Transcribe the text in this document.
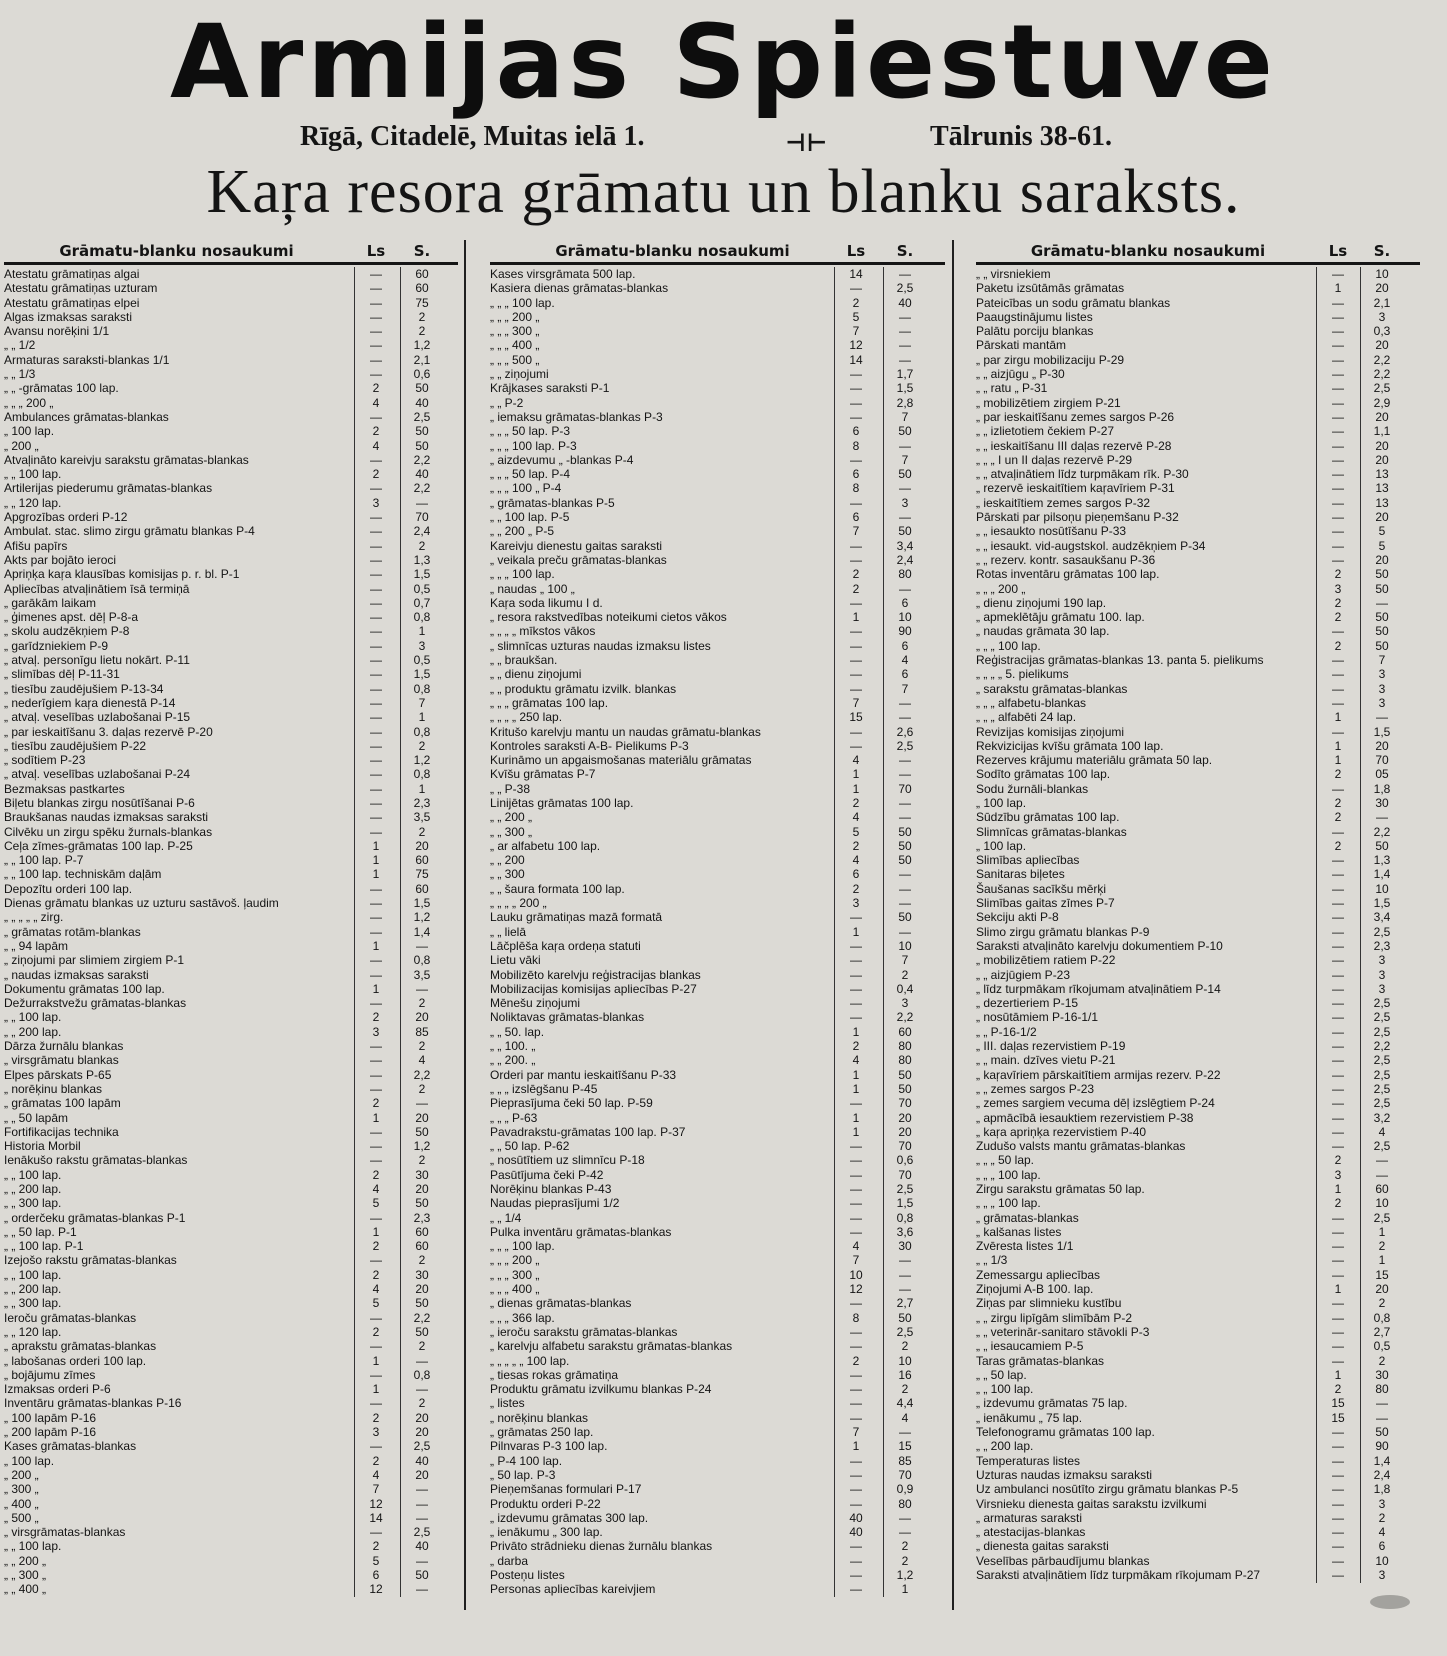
Armijas Spiestuve
Rīgā, Citadelē, Muitas ielā 1.	⊣⊢	Tālrunis 38-61.
Kaŗa resora grāmatu un blanku saraksts.
Grāmatu-blanku nosaukumi	Ls	S.
Atestatu grāmatiņas algai	—	60
Atestatu grāmatiņas uzturam	—	60
Atestatu grāmatiņas elpei	—	75
Algas izmaksas saraksti	—	2
Avansu norēķini 1/1	—	2
„ „ 1/2	—	1,2
Armaturas saraksti-blankas 1/1	—	2,1
„ „ 1/3	—	0,6
„ „ -grāmatas 100 lap.	2	50
„ „ „ 200 „	4	40
Ambulances grāmatas-blankas	—	2,5
„ 100 lap.	2	50
„ 200 „	4	50
Atvaļināto kareivju sarakstu grāmatas-blankas	—	2,2
„ „ 100 lap.	2	40
Artilerijas piederumu grāmatas-blankas	—	2,2
„ „ 120 lap.	3	—
Apgrozības orderi P-12	—	70
Ambulat. stac. slimo zirgu grāmatu blankas P-4	—	2,4
Afišu papīrs	—	2
Akts par bojāto ieroci	—	1,3
Apriņķa kaŗa klausības komisijas p. r. bl. P-1	—	1,5
Apliecības atvaļinātiem īsā termiņā	—	0,5
„ garākām laikam	—	0,7
„ ģimenes apst. dēļ P-8-a	—	0,8
„ skolu audzēkņiem P-8	—	1
„ garīdzniekiem P-9	—	3
„ atvaļ. personīgu lietu nokārt. P-11	—	0,5
„ slimības dēļ P-11-31	—	1,5
„ tiesību zaudējušiem P-13-34	—	0,8
„ nederīgiem kaŗa dienestā P-14	—	7
„ atvaļ. veselības uzlabošanai P-15	—	1
„ par ieskaitīšanu 3. daļas rezervē P-20	—	0,8
„ tiesību zaudējušiem P-22	—	2
„ sodītiem P-23	—	1,2
„ atvaļ. veselības uzlabošanai P-24	—	0,8
Bezmaksas pastkartes	—	1
Biļetu blankas zirgu nosūtīšanai P-6	—	2,3
Braukšanas naudas izmaksas saraksti	—	3,5
Cilvēku un zirgu spēku žurnals-blankas	—	2
Ceļa zīmes-grāmatas 100 lap. P-25	1	20
„ „ 100 lap. P-7	1	60
„ „ 100 lap. techniskām daļām	1	75
Depozītu orderi 100 lap.	—	60
Dienas grāmatu blankas uz uzturu sastāvoš. ļaudim	—	1,5
„ „ „ „ „ zirg.	—	1,2
„ grāmatas rotām-blankas	—	1,4
„ „ 94 lapām	1	—
„ ziņojumi par slimiem zirgiem P-1	—	0,8
„ naudas izmaksas saraksti	—	3,5
Dokumentu grāmatas 100 lap.	1	—
Dežurrakstvežu grāmatas-blankas	—	2
„ „ 100 lap.	2	20
„ „ 200 lap.	3	85
Dārza žurnālu blankas	—	2
„ virsgrāmatu blankas	—	4
Elpes pārskats P-65	—	2,2
„ norēķinu blankas	—	2
„ grāmatas 100 lapām	2	—
„ „ 50 lapām	1	20
Fortifikacijas technika	—	50
Historia Morbil	—	1,2
Ienākušo rakstu grāmatas-blankas	—	2
„ „ 100 lap.	2	30
„ „ 200 lap.	4	20
„ „ 300 lap.	5	50
„ orderčeku grāmatas-blankas P-1	—	2,3
„ „ 50 lap. P-1	1	60
„ „ 100 lap. P-1	2	60
Izejošo rakstu grāmatas-blankas	—	2
„ „ 100 lap.	2	30
„ „ 200 lap.	4	20
„ „ 300 lap.	5	50
Ieroču grāmatas-blankas	—	2,2
„ „ 120 lap.	2	50
„ aprakstu grāmatas-blankas	—	2
„ labošanas orderi 100 lap.	1	—
„ bojājumu zīmes	—	0,8
Izmaksas orderi P-6	1	—
Inventāru grāmatas-blankas P-16	—	2
„ 100 lapām P-16	2	20
„ 200 lapām P-16	3	20
Kases grāmatas-blankas	—	2,5
„ 100 lap.	2	40
„ 200 „	4	20
„ 300 „	7	—
„ 400 „	12	—
„ 500 „	14	—
„ virsgrāmatas-blankas	—	2,5
„ „ 100 lap.	2	40
„ „ 200 „	5	—
„ „ 300 „	6	50
„ „ 400 „	12	—
Grāmatu-blanku nosaukumi	Ls	S.
Kases virsgrāmata 500 lap.	14	—
Kasiera dienas grāmatas-blankas	—	2,5
„ „ „ 100 lap.	2	40
„ „ „ 200 „	5	—
„ „ „ 300 „	7	—
„ „ „ 400 „	12	—
„ „ „ 500 „	14	—
„ „ ziņojumi	—	1,7
Krājkases saraksti P-1	—	1,5
„ „ P-2	—	2,8
„ iemaksu grāmatas-blankas P-3	—	7
„ „ „ 50 lap. P-3	6	50
„ „ „ 100 lap. P-3	8	—
„ aizdevumu „ -blankas P-4	—	7
„ „ „ 50 lap. P-4	6	50
„ „ „ 100 „ P-4	8	—
„ grāmatas-blankas P-5	—	3
„ „ 100 lap. P-5	6	—
„ „ 200 „ P-5	7	50
Kareivju dienestu gaitas saraksti	—	3,4
„ veikala preču grāmatas-blankas	—	2,4
„ „ „ 100 lap.	2	80
„ naudas „ 100 „	2	—
Kaŗa soda likumu I d.	—	6
„ resora rakstvedības noteikumi cietos vākos	1	10
„ „ „ „ mīkstos vākos	—	90
„ slimnīcas uzturas naudas izmaksu listes	—	6
„ „ braukšan.	—	4
„ „ dienu ziņojumi	—	6
„ „ produktu grāmatu izvilk. blankas	—	7
„ „ „ grāmatas 100 lap.	7	—
„ „ „ „ 250 lap.	15	—
Kritušo karelvju mantu un naudas grāmatu-blankas	—	2,6
Kontroles saraksti A-B- Pielikums P-3	—	2,5
Kurināmo un apgaismošanas materiālu grāmatas	4	—
Kvīšu grāmatas P-7	1	—
„ „ P-38	1	70
Linijētas grāmatas 100 lap.	2	—
„ „ 200 „	4	—
„ „ 300 „	5	50
„ ar alfabetu 100 lap.	2	50
„ „ 200	4	50
„ „ 300	6	—
„ „ šaura formata 100 lap.	2	—
„ „ „ „ 200 „	3	—
Lauku grāmatiņas mazā formatā	—	50
„ „ lielā	1	—
Lāčplēša kaŗa ordeņa statuti	—	10
Lietu vāki	—	7
Mobilizēto karelvju reģistracijas blankas	—	2
Mobilizacijas komisijas apliecības P-27	—	0,4
Mēnešu ziņojumi	—	3
Noliktavas grāmatas-blankas	—	2,2
„ „ 50. lap.	1	60
„ „ 100. „	2	80
„ „ 200. „	4	80
Orderi par mantu ieskaitīšanu P-33	1	50
„ „ „ izslēgšanu P-45	1	50
Pieprasījuma čeki 50 lap. P-59	—	70
„ „ „ P-63	1	20
Pavadrakstu-grāmatas 100 lap. P-37	1	20
„ „ 50 lap. P-62	—	70
„ nosūtītiem uz slimnīcu P-18	—	0,6
Pasūtījuma čeki P-42	—	70
Norēķinu blankas P-43	—	2,5
Naudas pieprasījumi 1/2	—	1,5
„ „ 1/4	—	0,8
Pulka inventāru grāmatas-blankas	—	3,6
„ „ „ 100 lap.	4	30
„ „ „ 200 „	7	—
„ „ „ 300 „	10	—
„ „ „ 400 „	12	—
„ dienas grāmatas-blankas	—	2,7
„ „ „ 366 lap.	8	50
„ ieroču sarakstu grāmatas-blankas	—	2,5
„ karelvju alfabetu sarakstu grāmatas-blankas	—	2
„ „ „ „ „ 100 lap.	2	10
„ tiesas rokas grāmatiņa	—	16
Produktu grāmatu izvilkumu blankas P-24	—	2
„ listes	—	4,4
„ norēķinu blankas	—	4
„ grāmatas 250 lap.	7	—
Pilnvaras P-3 100 lap.	1	15
„ P-4 100 lap.	—	85
„ 50 lap. P-3	—	70
Pieņemšanas formulari P-17	—	0,9
Produktu orderi P-22	—	80
„ izdevumu grāmatas 300 lap.	40	—
„ ienākumu „ 300 lap.	40	—
Privāto strādnieku dienas žurnālu blankas	—	2
„ darba	—	2
Posteņu listes	—	1,2
Personas apliecības kareivjiem	—	1
Grāmatu-blanku nosaukumi	Ls	S.
„ „ virsniekiem	—	10
Paketu izsūtāmās grāmatas	1	20
Pateicības un sodu grāmatu blankas	—	2,1
Paaugstinājumu listes	—	3
Palātu porciju blankas	—	0,3
Pārskati mantām	—	20
„ par zirgu mobilizaciju P-29	—	2,2
„ „ aizjūgu „ P-30	—	2,2
„ „ ratu „ P-31	—	2,5
„ mobilizētiem zirgiem P-21	—	2,9
„ par ieskaitīšanu zemes sargos P-26	—	20
„ „ izlietotiem čekiem P-27	—	1,1
„ „ ieskaitīšanu III daļas rezervē P-28	—	20
„ „ „ I un II daļas rezervē P-29	—	20
„ „ atvaļinātiem līdz turpmākam rīk. P-30	—	13
„ rezervē ieskaitītiem kaŗavīriem P-31	—	13
„ ieskaitītiem zemes sargos P-32	—	13
Pārskati par pilsoņu pieņemšanu P-32	—	20
„ „ iesaukto nosūtīšanu P-33	—	5
„ „ iesaukt. vid-augstskol. audzēkņiem P-34	—	5
„ „ rezerv. kontr. sasaukšanu P-36	—	20
Rotas inventāru grāmatas 100 lap.	2	50
„ „ „ 200 „	3	50
„ dienu ziņojumi 190 lap.	2	—
„ apmeklētāju grāmatu 100. lap.	2	50
„ naudas grāmata 30 lap.	—	50
„ „ „ 100 lap.	2	50
Reģistracijas grāmatas-blankas 13. panta 5. pielikums	—	7
„ „ „ „ 5. pielikums	—	3
„ sarakstu grāmatas-blankas	—	3
„ „ „ alfabetu-blankas	—	3
„ „ „ alfabēti 24 lap.	1	—
Revizijas komisijas ziņojumi	—	1,5
Rekvizicijas kvīšu grāmata 100 lap.	1	20
Rezerves krājumu materiālu grāmata 50 lap.	1	70
Sodīto grāmatas 100 lap.	2	05
Sodu žurnāli-blankas	—	1,8
„ 100 lap.	2	30
Sūdzību grāmatas 100 lap.	2	—
Slimnīcas grāmatas-blankas	—	2,2
„ 100 lap.	2	50
Slimības apliecības	—	1,3
Sanitaras biļetes	—	1,4
Šaušanas sacīkšu mērķi	—	10
Slimības gaitas zīmes P-7	—	1,5
Sekciju akti P-8	—	3,4
Slimo zirgu grāmatu blankas P-9	—	2,5
Saraksti atvaļināto karelvju dokumentiem P-10	—	2,3
„ mobilizētiem ratiem P-22	—	3
„ „ aizjūgiem P-23	—	3
„ līdz turpmākam rīkojumam atvaļinātiem P-14	—	3
„ dezertieriem P-15	—	2,5
„ nosūtāmiem P-16-1/1	—	2,5
„ „ P-16-1/2	—	2,5
„ III. daļas rezervistiem P-19	—	2,2
„ „ main. dzīves vietu P-21	—	2,5
„ kaŗavīriem pārskaitītiem armijas rezerv. P-22	—	2,5
„ „ zemes sargos P-23	—	2,5
„ zemes sargiem vecuma dēļ izslēgtiem P-24	—	2,5
„ apmācībā iesauktiem rezervistiem P-38	—	3,2
„ kaŗa apriņķa rezervistiem P-40	—	4
Zudušo valsts mantu grāmatas-blankas	—	2,5
„ „ „ 50 lap.	2	—
„ „ „ 100 lap.	3	—
Zirgu sarakstu grāmatas 50 lap.	1	60
„ „ „ 100 lap.	2	10
„ grāmatas-blankas	—	2,5
„ kalšanas listes	—	1
Zvēresta listes 1/1	—	2
„ „ 1/3	—	1
Zemessargu apliecības	—	15
Ziņojumi A-B 100. lap.	1	20
Ziņas par slimnieku kustību	—	2
„ „ zirgu lipīgām slimībām P-2	—	0,8
„ „ veterinār-sanitaro stāvokli P-3	—	2,7
„ „ iesaucamiem P-5	—	0,5
Taras grāmatas-blankas	—	2
„ „ 50 lap.	1	30
„ „ 100 lap.	2	80
„ izdevumu grāmatas 75 lap.	15	—
„ ienākumu „ 75 lap.	15	—
Telefonogramu grāmatas 100 lap.	—	50
„ „ 200 lap.	—	90
Temperaturas listes	—	1,4
Uzturas naudas izmaksu saraksti	—	2,4
Uz ambulanci nosūtīto zirgu grāmatu blankas P-5	—	1,8
Virsnieku dienesta gaitas sarakstu izvilkumi	—	3
„ armaturas saraksti	—	2
„ atestacijas-blankas	—	4
„ dienesta gaitas saraksti	—	6
Veselības pārbaudījumu blankas	—	10
Saraksti atvaļinātiem līdz turpmākam rīkojumam P-27	—	3
